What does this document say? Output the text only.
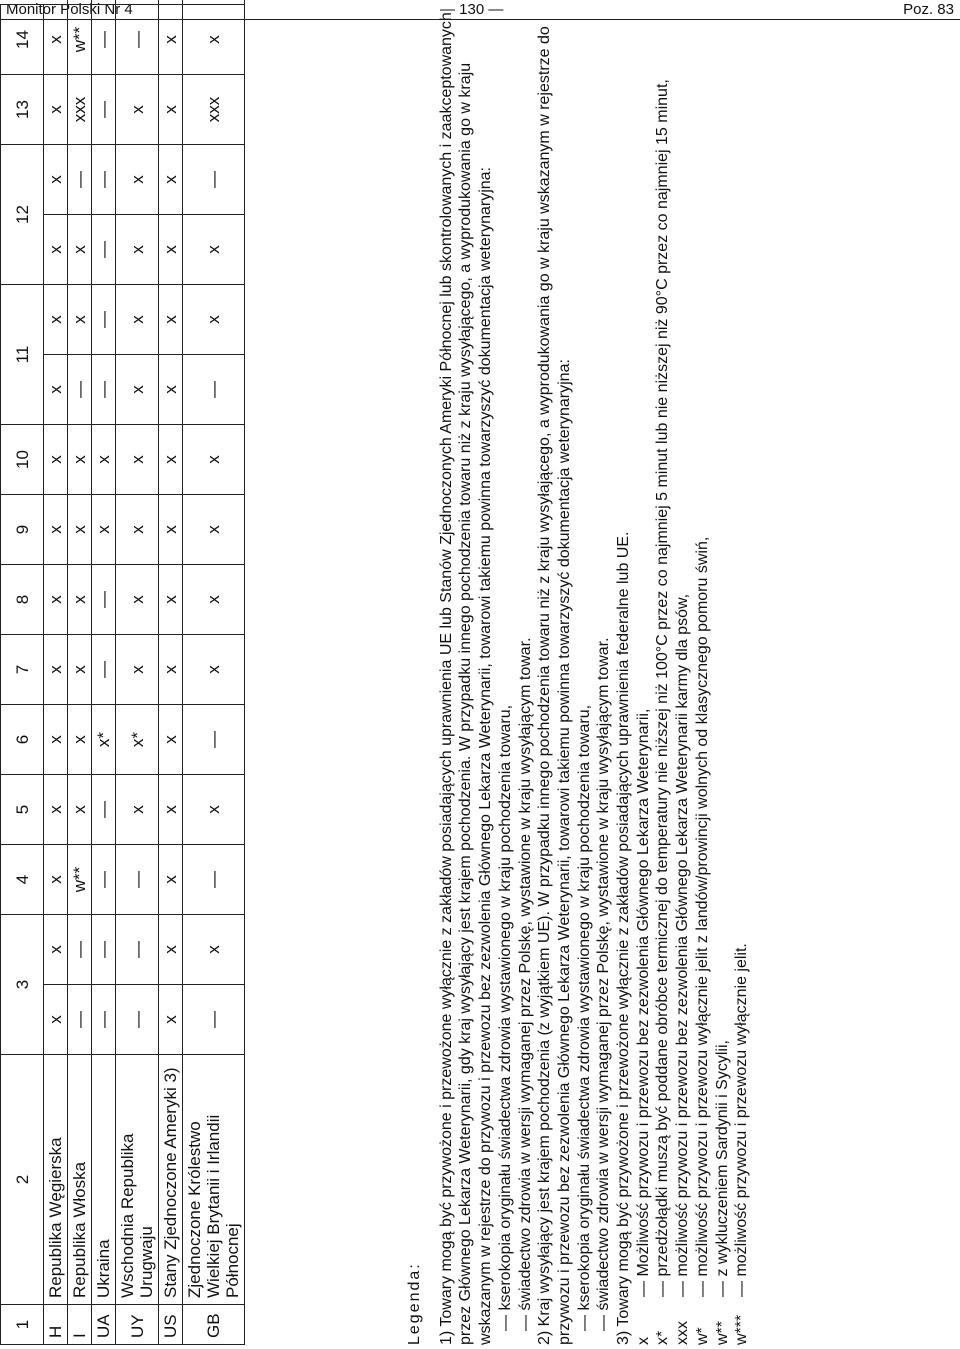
Monitor Polski Nr 4	— 130 —	Poz. 83
1	2	3		4	5	6	7	8	9	10	11		12		13	14	
H	Republika Węgierska	x	x	x	x	x	x	x	x	x	x	x	x	x	x	x	
I	Republika Włoska	—	—	w**	x	x	x	x	x	x	—	x	x	—	xxx	w**	
UA	Ukraina	—	—	—	—	x*	—	—	x	x	—	—	—	—	—	—	
UY	Wschodnia Republika Urugwaju	—	—	—	x	x*	x	x	x	x	x	x	x	x	x	—	
US	Stany Zjednoczone Ameryki 3)	x	x	x	x	x	x	x	x	x	x	x	x	x	x	x	
GB	Zjednoczone Królestwo Wielkiej Brytanii i Irlandii Północnej	—	x	—	x	—	x	x	x	x	—	x	x	—	xxx	x	

Legenda: 1) Towary mogą być przywożone i przewożone wyłącznie z zakładów posiadających uprawnienia UE lub Stanów Zjednoczonych Ameryki Północnej lub skontrolowanych i zaakceptowanych przez Głównego Lekarza Weterynarii, gdy kraj wysyłający jest krajem pochodzenia. W przypadku innego pochodzenia towaru niż z kraju wysyłającego, a wyprodukowania go w kraju wskazanym w rejestrze do przywozu i przewozu bez zezwolenia Głównego Lekarza Weterynarii, towarowi takiemu powinna towarzyszyć dokumentacja weterynaryjna: — kserokopia oryginału świadectwa zdrowia wystawionego w kraju pochodzenia towaru, — świadectwo zdrowia w wersji wymaganej przez Polskę, wystawione w kraju wysyłającym towar. 2) Kraj wysyłający jest krajem pochodzenia (z wyjątkiem UE). W przypadku innego pochodzenia towaru niż z kraju wysyłającego, a wyprodukowania go w kraju wskazanym w rejestrze do przywozu i przewozu bez zezwolenia Głównego Lekarza Weterynarii, towarowi takiemu powinna towarzyszyć dokumentacja weterynaryjna: — kserokopia oryginału świadectwa zdrowia wystawionego w kraju pochodzenia towaru, — świadectwo zdrowia w wersji wymaganej przez Polskę, wystawione w kraju wysyłającym towar. 3) Towary mogą być przywożone i przewożone wyłącznie z zakładów posiadających uprawnienia federalne lub UE. x— Możliwość przywozu i przewozu bez zezwolenia Głównego Lekarza Weterynarii,

x*— przedżołądki muszą być poddane obróbce termicznej do temperatury nie niższej niż 100°C przez co najmniej 5 minut lub nie niższej niż 90°C przez co najmniej 15 minut,

xxx— możliwość przywozu i przewozu bez zezwolenia Głównego Lekarza Weterynarii karmy dla psów,

w*— możliwość przywozu i przewozu wyłącznie jelit z landów/prowincji wolnych od klasycznego pomoru świń,

w**— z wykluczeniem Sardynii i Sycylii,

w***— możliwość przywozu i przewozu wyłącznie jelit.
